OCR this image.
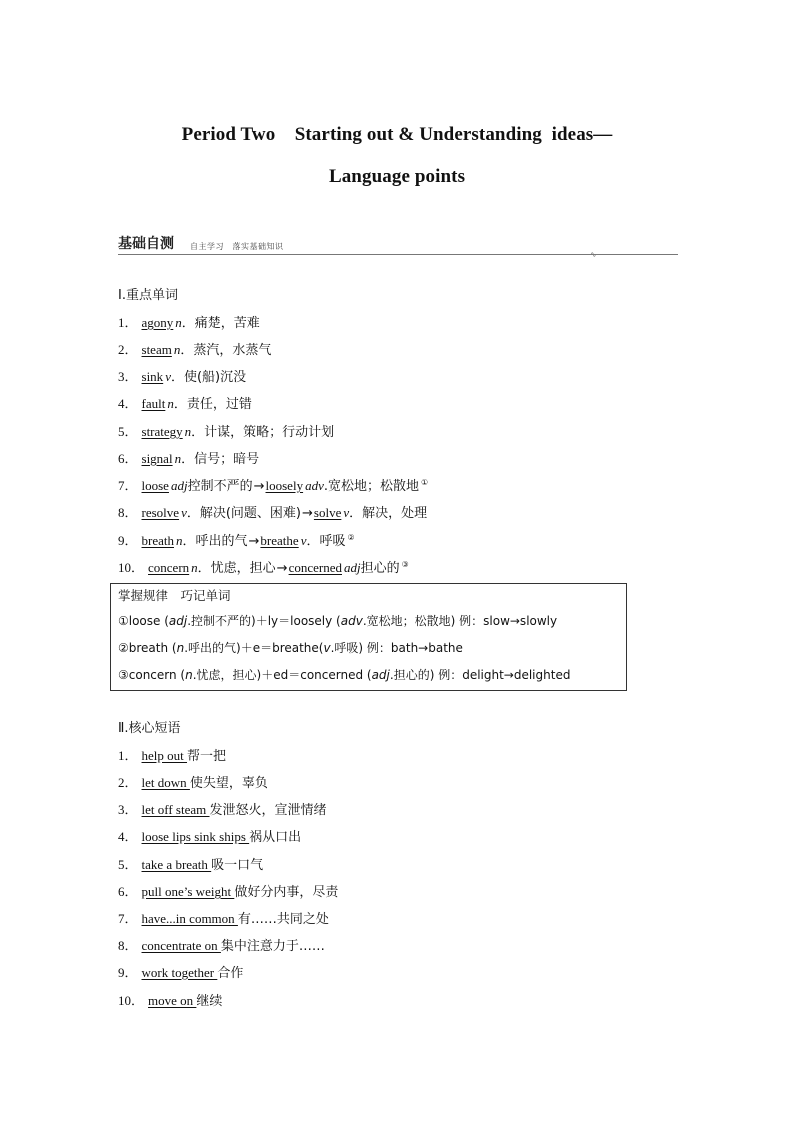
Period Two    Starting out & Understanding  ideas—
Language points
基础自测 自主学习　落实基础知识
∿
Ⅰ.重点单词
1． agony n．痛楚，苦难
2． steam n．蒸汽，水蒸气
3． sink v．使(船)沉没
4． fault n．责任，过错
5． strategy n．计谋，策略；行动计划
6． signal n．信号；暗号
7． loose adj控制不严的→loosely adv.宽松地；松散地 ①
8． resolve v．解决(问题、困难)→solve v．解决，处理
9． breath n．呼出的气→breathe v．呼吸 ②
10． concern n．忧虑，担心→concerned adj担心的 ③
掌握规律　巧记单词
①loose (adj.控制不严的)＋ly＝loosely (adv.宽松地；松散地) 例：slow→slowly
②breath (n.呼出的气)＋e＝breathe(v.呼吸) 例：bath→bathe
③concern (n.忧虑，担心)＋ed＝concerned (adj.担心的) 例：delight→delighted
Ⅱ.核心短语
1． help out 帮一把
2． let down 使失望，辜负
3． let off steam 发泄怒火，宣泄情绪
4． loose lips sink ships 祸从口出
5． take a breath 吸一口气
6． pull one’s weight 做好分内事，尽责
7． have...in common 有……共同之处
8． concentrate on 集中注意力于……
9． work together 合作
10． move on 继续
